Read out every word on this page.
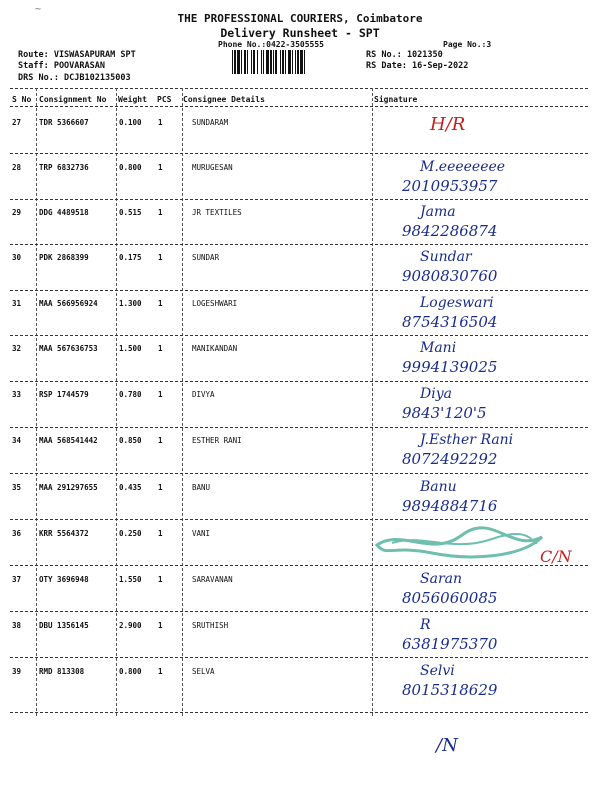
~
THE PROFESSIONAL COURIERS, Coimbatore
Delivery Runsheet - SPT
Phone No.:0422-3505555	Page No.:3
Route: VISWASAPURAM SPT
Staff: POOVARASAN
DRS No.: DCJB102135003
RS No.: 1021350
RS Date: 16-Sep-2022
S No Consignment No Weight PCS Consignee Details	Signature
27 TDR 5366607	0.100 1	SUNDARAM	H/R
28 TRP 6832736	0.800 1	MURUGESAN	M.eeeeeeee
2010953957
29 DDG 4489518	0.515 1	JR TEXTILES	Jama
9842286874
30 PDK 2868399	0.175 1	SUNDAR	Sundar
9080830760
31 MAA 566956924	1.300 1	LOGESHWARI	Logeswari
8754316504
32 MAA 567636753	1.500 1	MANIKANDAN	Mani
9994139025
33 RSP 1744579	0.780 1	DIVYA	Diya
9843'120'5
34 MAA 568541442	0.850 1	ESTHER RANI	J.Esther Rani
8072492292
35 MAA 291297655	0.435 1	BANU	Banu
9894884716
36 KRR 5564372	0.250 1	VANI
C/N
37 OTY 3696948	1.550 1	SARAVANAN	Saran
8056060085
38 DBU 1356145	2.900 1	SRUTHISH	R
6381975370
39 RMD 813308	0.800 1	SELVA	Selvi
8015318629
/N
